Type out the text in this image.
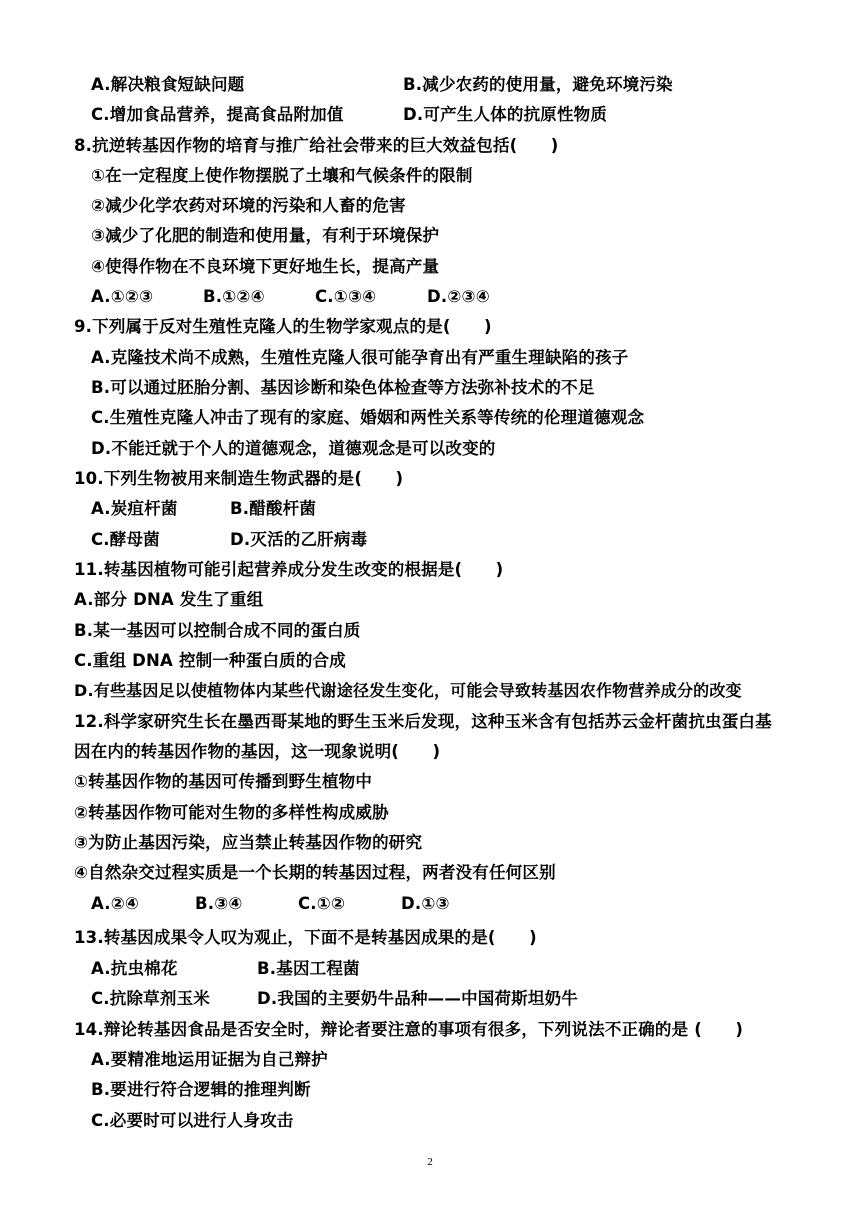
A.解决粮食短缺问题	B.减少农药的使用量，避免环境污染
C.增加食品营养，提高食品附加值	D.可产生人体的抗原性物质
8.抗逆转基因作物的培育与推广给社会带来的巨大效益包括(　　)
①在一定程度上使作物摆脱了土壤和气候条件的限制
②减少化学农药对环境的污染和人畜的危害
③减少了化肥的制造和使用量，有利于环境保护
④使得作物在不良环境下更好地生长，提高产量
A.①②③	B.①②④	C.①③④	D.②③④
9.下列属于反对生殖性克隆人的生物学家观点的是(　　)
A.克隆技术尚不成熟，生殖性克隆人很可能孕育出有严重生理缺陷的孩子
B.可以通过胚胎分割、基因诊断和染色体检查等方法弥补技术的不足
C.生殖性克隆人冲击了现有的家庭、婚姻和两性关系等传统的伦理道德观念
D.不能迁就于个人的道德观念，道德观念是可以改变的
10.下列生物被用来制造生物武器的是(　　)
A.炭疽杆菌	B.醋酸杆菌
C.酵母菌	D.灭活的乙肝病毒
11.转基因植物可能引起营养成分发生改变的根据是(　　)
A.部分 DNA 发生了重组
B.某一基因可以控制合成不同的蛋白质
C.重组 DNA 控制一种蛋白质的合成
D.有些基因足以使植物体内某些代谢途径发生变化，可能会导致转基因农作物营养成分的改变
12.科学家研究生长在墨西哥某地的野生玉米后发现，这种玉米含有包括苏云金杆菌抗虫蛋白基
因在内的转基因作物的基因，这一现象说明(　　)
①转基因作物的基因可传播到野生植物中
②转基因作物可能对生物的多样性构成威胁
③为防止基因污染，应当禁止转基因作物的研究
④自然杂交过程实质是一个长期的转基因过程，两者没有任何区别
A.②④	B.③④	C.①②	D.①③
13.转基因成果令人叹为观止，下面不是转基因成果的是(　　)
A.抗虫棉花	B.基因工程菌
C.抗除草剂玉米	D.我国的主要奶牛品种——中国荷斯坦奶牛
14.辩论转基因食品是否安全时，辩论者要注意的事项有很多，下列说法不正确的是 (　　)
A.要精准地运用证据为自己辩护
B.要进行符合逻辑的推理判断
C.必要时可以进行人身攻击
2
